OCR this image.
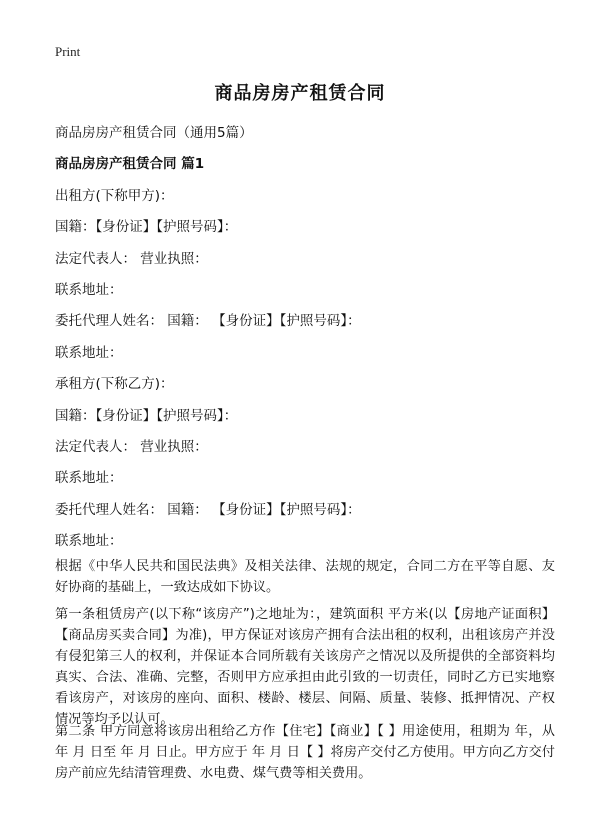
Print
商品房房产租赁合同
商品房房产租赁合同（通用5篇）
商品房房产租赁合同 篇1
出租方(下称甲方)：
国籍：【身份证】【护照号码】：
法定代表人： 营业执照：
联系地址：
委托代理人姓名： 国籍： 【身份证】【护照号码】：
联系地址：
承租方(下称乙方)：
国籍：【身份证】【护照号码】：
法定代表人： 营业执照：
联系地址：
委托代理人姓名： 国籍： 【身份证】【护照号码】：
联系地址：
根据《中华人民共和国民法典》及相关法律、法规的规定，合同二方在平等自愿、友好协商的基础上，一致达成如下协议。
第一条租赁房产(以下称“该房产”)之地址为：，建筑面积 平方米(以【房地产证面积】【商品房买卖合同】为准)，甲方保证对该房产拥有合法出租的权利，出租该房产并没有侵犯第三人的权利，并保证本合同所载有关该房产之情况以及所提供的全部资料均真实、合法、准确、完整，否则甲方应承担由此引致的一切责任，同时乙方已实地察看该房产，对该房的座向、面积、楼龄、楼层、间隔、质量、装修、抵押情况、产权情况等均予以认可。
第二条 甲方同意将该房出租给乙方作【住宅】【商业】【 】用途使用，租期为 年，从 年 月 日至 年 月 日止。甲方应于 年 月 日【 】将房产交付乙方使用。甲方向乙方交付房产前应先结清管理费、水电费、煤气费等相关费用。
